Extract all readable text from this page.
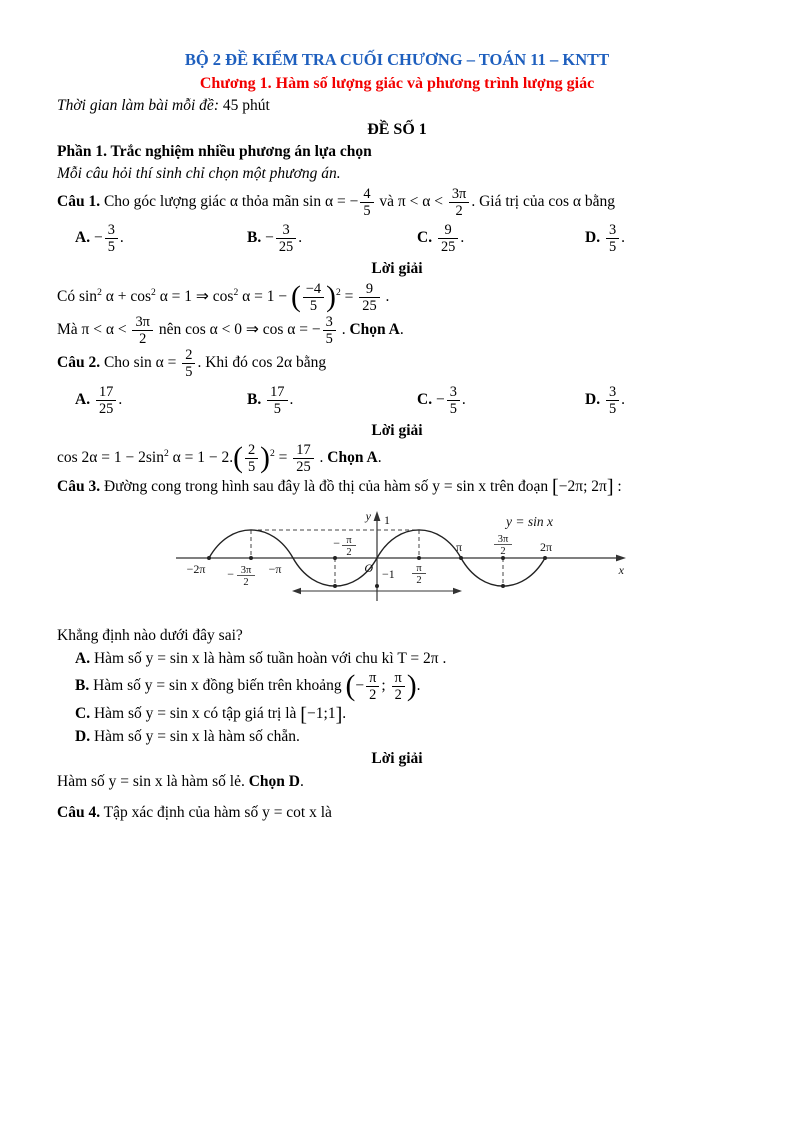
BỘ 2 ĐỀ KIỂM TRA CUỐI CHƯƠNG – TOÁN 11 – KNTT

Chương 1. Hàm số lượng giác và phương trình lượng giác

Thời gian làm bài mỗi đề: 45 phút

ĐỀ SỐ 1

Phần 1. Trắc nghiệm nhiều phương án lựa chọn

Mỗi câu hỏi thí sinh chỉ chọn một phương án.

Câu 1. Cho góc lượng giác α thỏa mãn sin α = − $\frac{4}{5}$ và $\pi < \alpha < \frac{3\pi}{2}$ . Giá trị của cos α bằng

A. − $\frac{3}{5}$ .	B. − $\frac{3}{25}$ .	C. $\frac{9}{25}$ .	D. $\frac{3}{5}$ .

Lời giải

Có $\sin^2 \alpha + \cos^2 \alpha = 1$ ⇒ $\cos^2 \alpha = 1$ − ( $\frac{-4}{5} )^2 = \frac{9}{25}$ .

Mà $\pi < \alpha < \frac{3\pi}{2}$ nên cos α < 0 ⇒ cos α = − $\frac{3}{5}$ . Chọn A.

Câu 2. Cho $\sin \alpha = \frac{2}{5}$ . Khi đó cos 2α bằng

A. $\frac{17}{25}$ .	B. $\frac{17}{5}$ .	C. − $\frac{3}{5}$ .	D. $\frac{3}{5}$ .

Lời giải

$\cos 2\alpha = 1 - 2\sin^2$ $\alpha = 1 - 2.( \frac{2}{5} )^2 = \frac{17}{25}$ . Chọn A.

Câu 3. Đường cong trong hình sau đây là đồ thị của hàm số y = sin x trên đoạn [−2π; 2π] :

y 1
−2π − 3π
2
−π
− π
2
O −1 π
2
π
3π
2	2π
y = sin x
x

Khẳng định nào dưới đây sai?

A. Hàm số y = sin x là hàm số tuần hoàn với chu kì T = 2π .

B. Hàm số y = sin x đồng biến trên khoảng (− $\frac{\pi}{2}$ ; $\frac{\pi}{2}$ ).

C. Hàm số y = sin x có tập giá trị là [−1;1].

D. Hàm số y = sin x là hàm số chẵn.

Lời giải

Hàm số y = sin x là hàm số lẻ. Chọn D.

Câu 4. Tập xác định của hàm số y = cot x là
